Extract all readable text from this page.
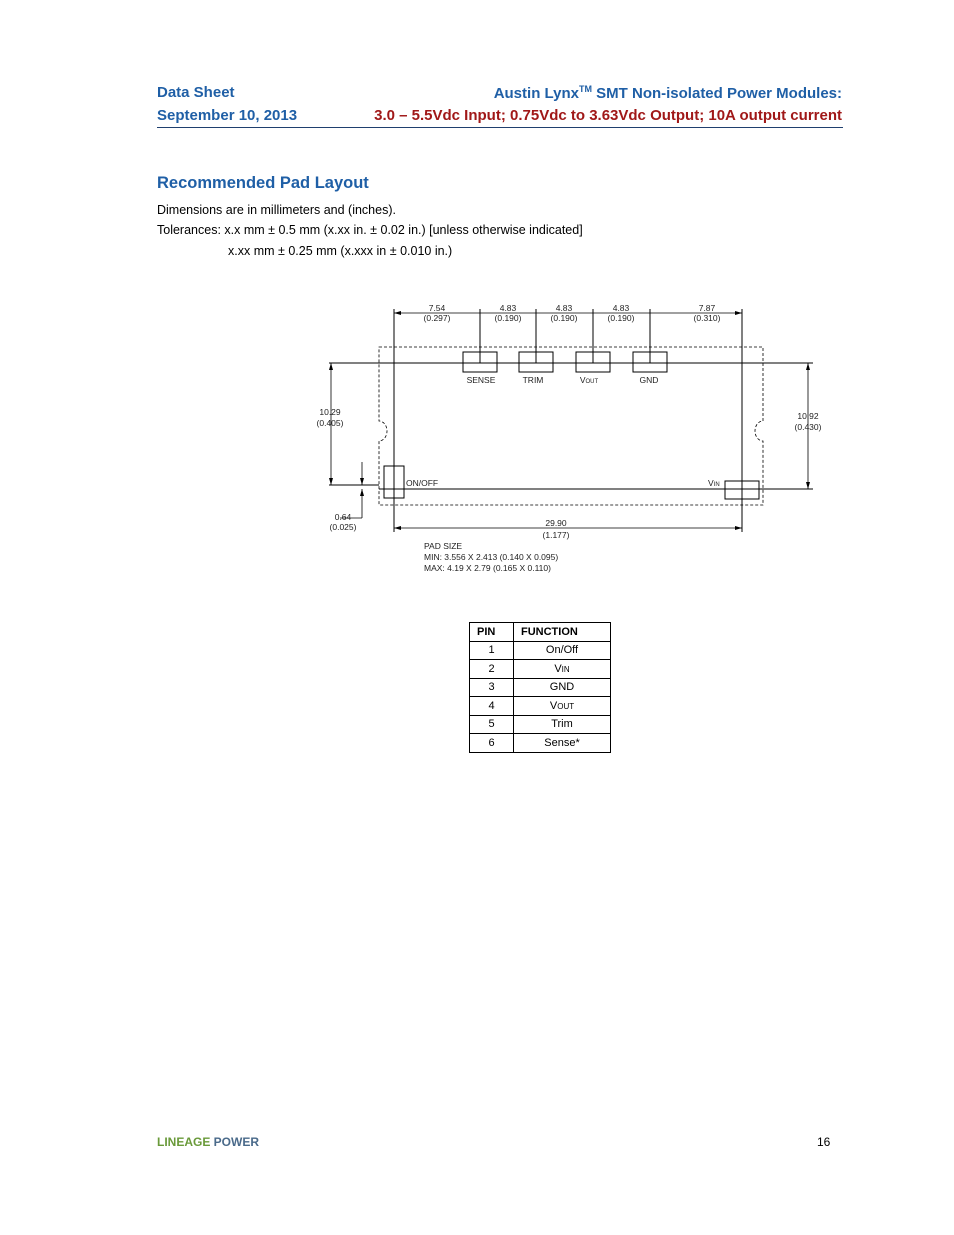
Data Sheet
September 10, 2013
Austin Lynx™ SMT Non-isolated Power Modules:
3.0 – 5.5Vdc Input; 0.75Vdc to 3.63Vdc Output; 10A output current
Recommended Pad Layout
Dimensions are in millimeters and (inches).
Tolerances: x.x mm ± 0.5 mm (x.xx in. ± 0.02 in.) [unless otherwise indicated]
x.xx mm ± 0.25 mm (x.xxx in ± 0.010 in.)
7.54
(0.297)
4.83
(0.190)
4.83
(0.190)
4.83
(0.190)
7.87
(0.310)
SENSE	TRIM	VOUT	GND
10.29
(0.405)
10.92
(0.430)
0.64
(0.025)	29.90
(1.177)
ON/OFF	VIN
PAD SIZE
MIN: 3.556 X 2.413 (0.140 X 0.095)
MAX: 4.19 X 2.79 (0.165 X 0.110)
PIN	FUNCTION
1	On/Off
2	VIN
3	GND
4	VOUT
5	Trim
6	Sense*
LINEAGE POWER	16
